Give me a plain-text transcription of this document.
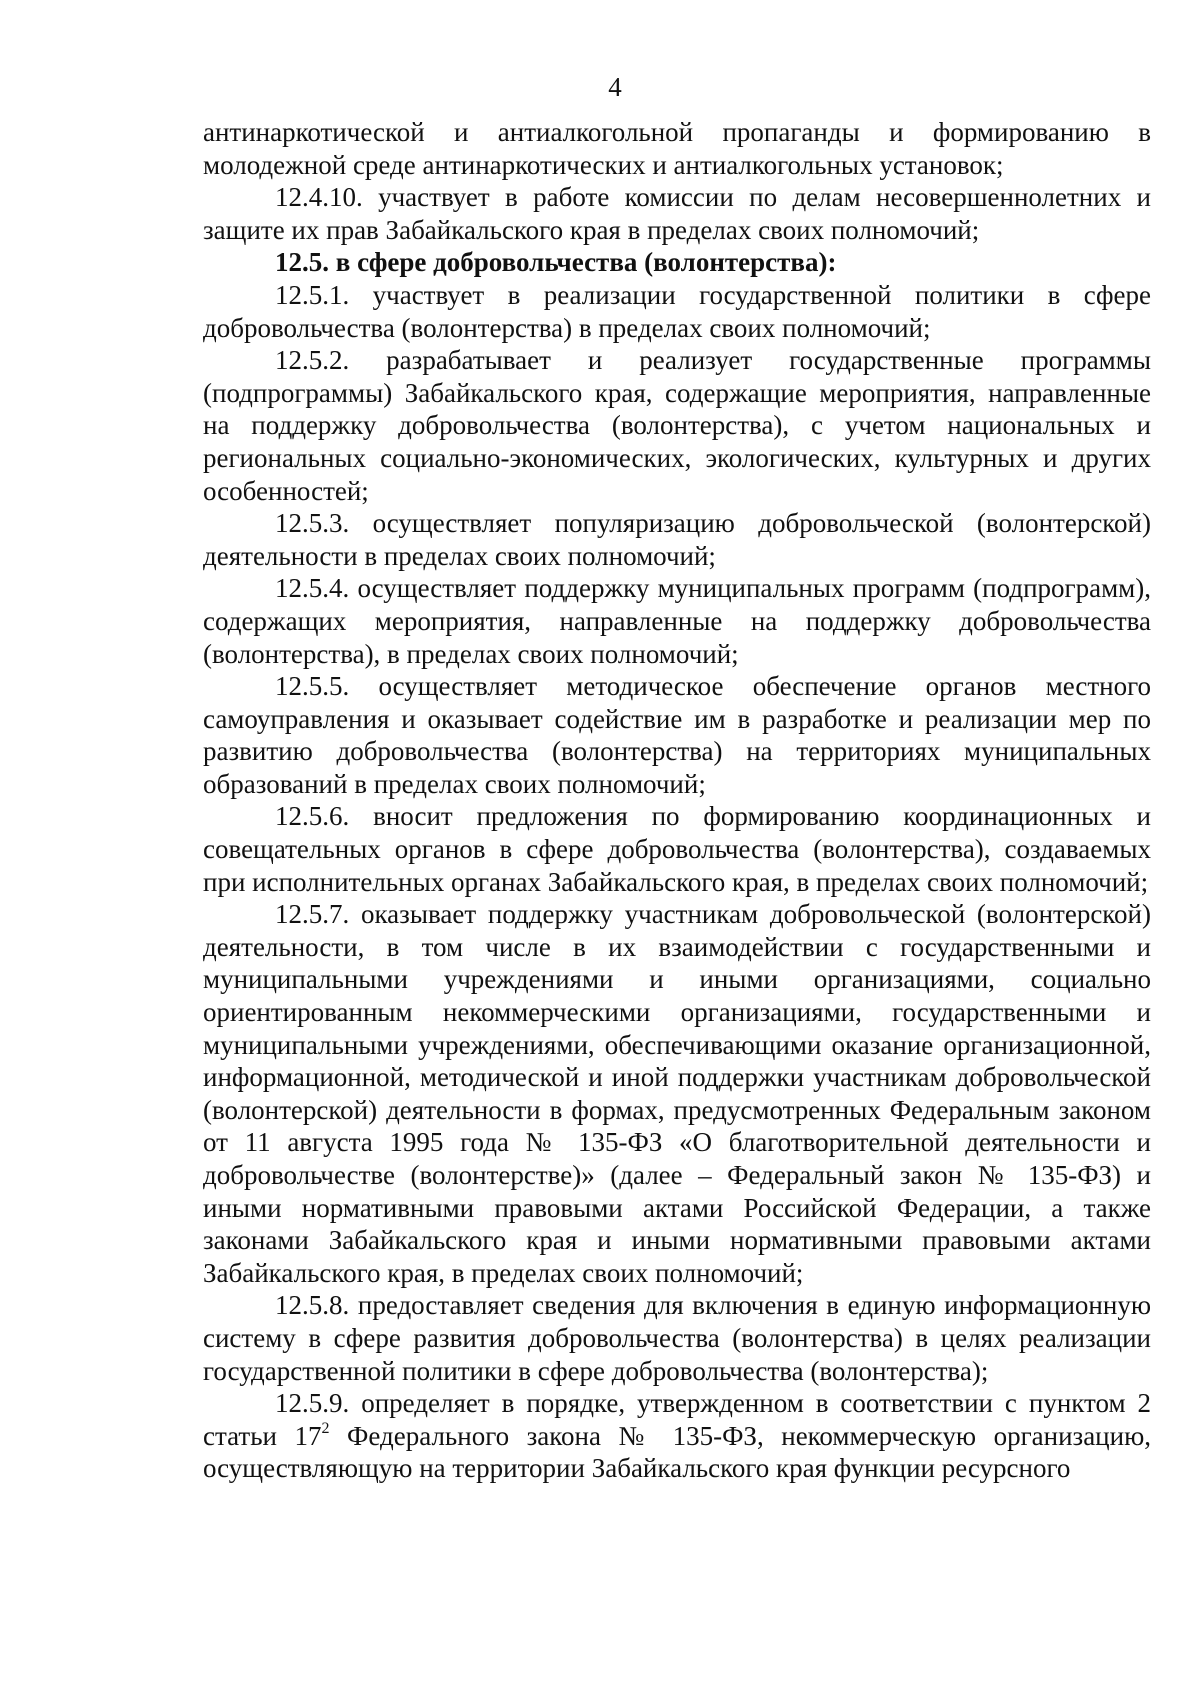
4

антинаркотической и антиалкогольной пропаганды и формированию в молодежной среде антинаркотических и антиалкогольных установок;

12.4.10. участвует в работе комиссии по делам несовершеннолетних и защите их прав Забайкальского края в пределах своих полномочий;

12.5. в сфере добровольчества (волонтерства):

12.5.1. участвует в реализации государственной политики в сфере добровольчества (волонтерства) в пределах своих полномочий;

12.5.2. разрабатывает и реализует государственные программы (подпрограммы) Забайкальского края, содержащие мероприятия, направленные на поддержку добровольчества (волонтерства), с учетом национальных и региональных социально-экономических, экологических, культурных и других особенностей;

12.5.3. осуществляет популяризацию добровольческой (волонтерской) деятельности в пределах своих полномочий;

12.5.4. осуществляет поддержку муниципальных программ (подпрограмм), содержащих мероприятия, направленные на поддержку добровольчества (волонтерства), в пределах своих полномочий;

12.5.5. осуществляет методическое обеспечение органов местного самоуправления и оказывает содействие им в разработке и реализации мер по развитию добровольчества (волонтерства) на территориях муниципальных образований в пределах своих полномочий;

12.5.6. вносит предложения по формированию координационных и совещательных органов в сфере добровольчества (волонтерства), создаваемых при исполнительных органах Забайкальского края, в пределах своих полномочий;

12.5.7. оказывает поддержку участникам добровольческой (волонтерской) деятельности, в том числе в их взаимодействии с государственными и муниципальными учреждениями и иными организациями, социально ориентированным некоммерческими организациями, государственными и муниципальными учреждениями, обеспечивающими оказание организационной, информационной, методической и иной поддержки участникам добровольческой (волонтерской) деятельности в формах, предусмотренных Федеральным законом от 11 августа 1995 года № 135-ФЗ «О благотворительной деятельности и добровольчестве (волонтерстве)» (далее – Федеральный закон № 135-ФЗ) и иными нормативными правовыми актами Российской Федерации, а также законами Забайкальского края и иными нормативными правовыми актами Забайкальского края, в пределах своих полномочий;

12.5.8. предоставляет сведения для включения в единую информационную систему в сфере развития добровольчества (волонтерства) в целях реализации государственной политики в сфере добровольчества (волонтерства);

12.5.9. определяет в порядке, утвержденном в соответствии с пунктом 2 статьи $17^2$ Федерального закона № 135-ФЗ, некоммерческую организацию, осуществляющую на территории Забайкальского края функции ресурсного
